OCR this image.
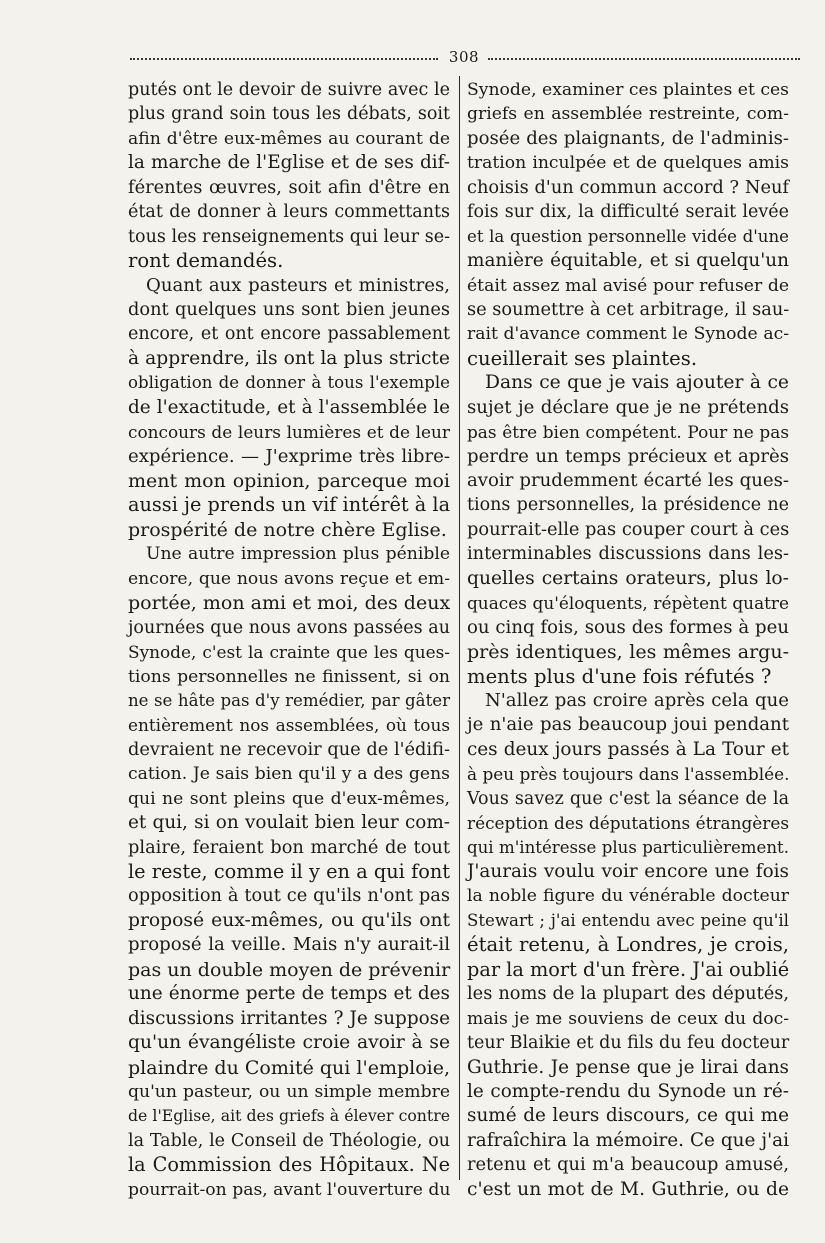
308
putés ont le devoir de suivre avec le
plus grand soin tous les débats, soit
afin d'être eux-mêmes au courant de
la marche de l'Eglise et de ses dif-
férentes œuvres, soit afin d'être en
état de donner à leurs commettants
tous les renseignements qui leur se-
ront demandés.
Quant aux pasteurs et ministres,
dont quelques uns sont bien jeunes
encore, et ont encore passablement
à apprendre, ils ont la plus stricte
obligation de donner à tous l'exemple
de l'exactitude, et à l'assemblée le
concours de leurs lumières et de leur
expérience. — J'exprime très libre-
ment mon opinion, parceque moi
aussi je prends un vif intérêt à la
prospérité de notre chère Eglise.
Une autre impression plus pénible
encore, que nous avons reçue et em-
portée, mon ami et moi, des deux
journées que nous avons passées au
Synode, c'est la crainte que les ques-
tions personnelles ne finissent, si on
ne se hâte pas d'y remédier, par gâter
entièrement nos assemblées, où tous
devraient ne recevoir que de l'édifi-
cation. Je sais bien qu'il y a des gens
qui ne sont pleins que d'eux-mêmes,
et qui, si on voulait bien leur com-
plaire, feraient bon marché de tout
le reste, comme il y en a qui font
opposition à tout ce qu'ils n'ont pas
proposé eux-mêmes, ou qu'ils ont
proposé la veille. Mais n'y aurait-il
pas un double moyen de prévenir
une énorme perte de temps et des
discussions irritantes ? Je suppose
qu'un évangéliste croie avoir à se
plaindre du Comité qui l'emploie,
qu'un pasteur, ou un simple membre
de l'Eglise, ait des griefs à élever contre
la Table, le Conseil de Théologie, ou
la Commission des Hôpitaux. Ne
pourrait-on pas, avant l'ouverture du
Synode, examiner ces plaintes et ces
griefs en assemblée restreinte, com-
posée des plaignants, de l'adminis-
tration inculpée et de quelques amis
choisis d'un commun accord ? Neuf
fois sur dix, la difficulté serait levée
et la question personnelle vidée d'une
manière équitable, et si quelqu'un
était assez mal avisé pour refuser de
se soumettre à cet arbitrage, il sau-
rait d'avance comment le Synode ac-
cueillerait ses plaintes.
Dans ce que je vais ajouter à ce
sujet je déclare que je ne prétends
pas être bien compétent. Pour ne pas
perdre un temps précieux et après
avoir prudemment écarté les ques-
tions personnelles, la présidence ne
pourrait-elle pas couper court à ces
interminables discussions dans les-
quelles certains orateurs, plus lo-
quaces qu'éloquents, répètent quatre
ou cinq fois, sous des formes à peu
près identiques, les mêmes argu-
ments plus d'une fois réfutés ?
N'allez pas croire après cela que
je n'aie pas beaucoup joui pendant
ces deux jours passés à La Tour et
à peu près toujours dans l'assemblée.
Vous savez que c'est la séance de la
réception des députations étrangères
qui m'intéresse plus particulièrement.
J'aurais voulu voir encore une fois
la noble figure du vénérable docteur
Stewart ; j'ai entendu avec peine qu'il
était retenu, à Londres, je crois,
par la mort d'un frère. J'ai oublié
les noms de la plupart des députés,
mais je me souviens de ceux du doc-
teur Blaikie et du fils du feu docteur
Guthrie. Je pense que je lirai dans
le compte-rendu du Synode un ré-
sumé de leurs discours, ce qui me
rafraîchira la mémoire. Ce que j'ai
retenu et qui m'a beaucoup amusé,
c'est un mot de M. Guthrie, ou de
